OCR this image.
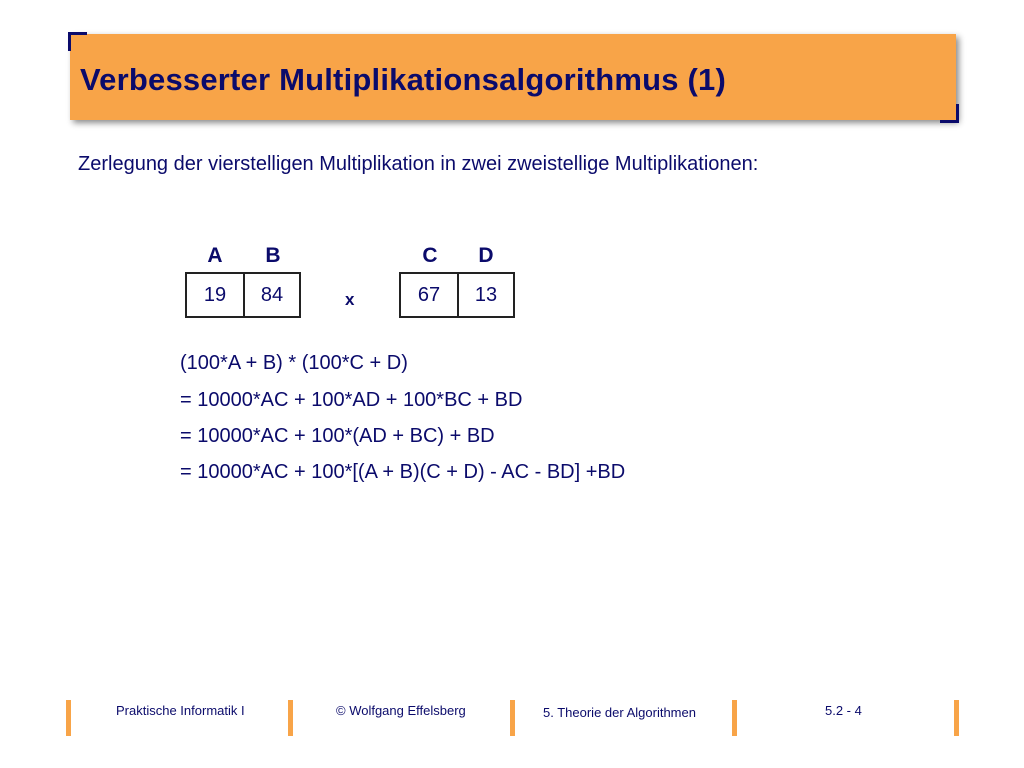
Verbesserter Multiplikationsalgorithmus (1)
Zerlegung der vierstelligen Multiplikation in zwei zweistellige Multiplikationen:
A	B	C	D
19	84	x	67	13
(100*A + B) * (100*C + D)
= 10000*AC + 100*AD + 100*BC + BD
= 10000*AC + 100*(AD + BC) + BD
= 10000*AC + 100*[(A + B)(C + D) - AC - BD] +BD
Praktische Informatik I	© Wolfgang Effelsberg	5. Theorie der Algorithmen	5.2 - 4
